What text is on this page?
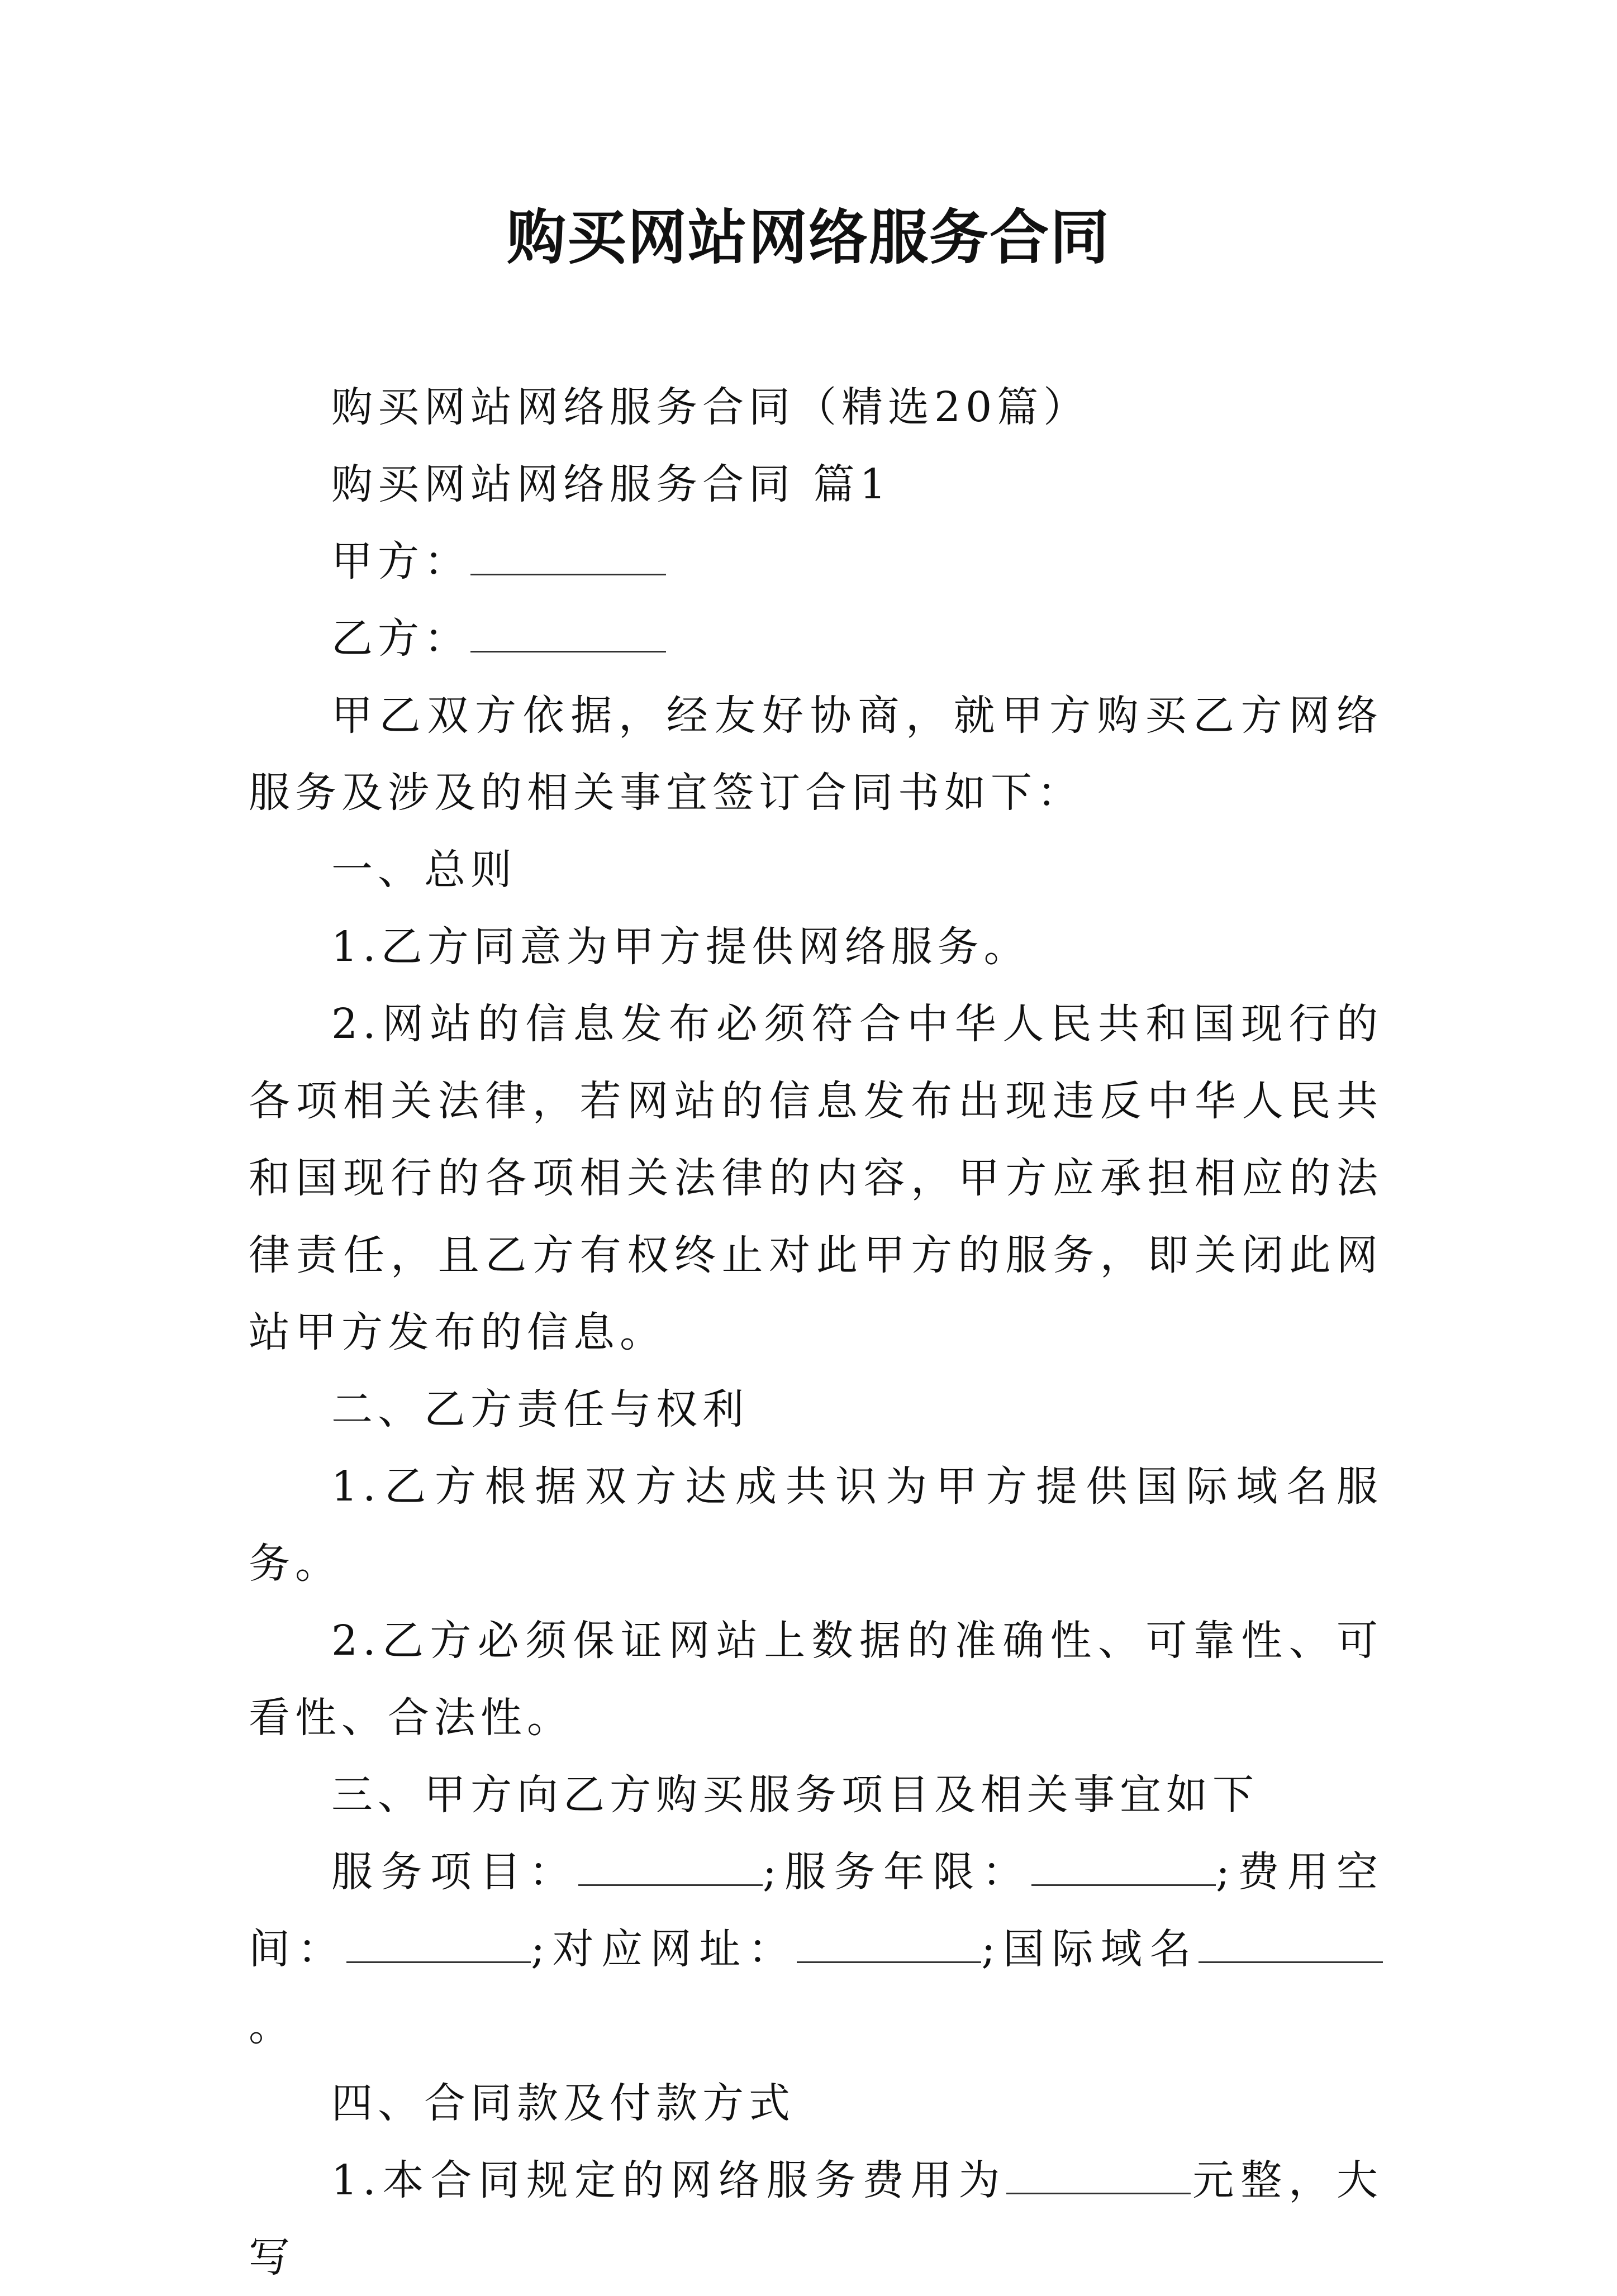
购买网站网络服务合同

购买网站网络服务合同（精选20篇）

购买网站网络服务合同 篇1

甲方：

乙方：

甲乙双方依据，经友好协商，就甲方购买乙方网络服务及涉及的相关事宜签订合同书如下：

一、总则

1.乙方同意为甲方提供网络服务。

2.网站的信息发布必须符合中华人民共和国现行的各项相关法律，若网站的信息发布出现违反中华人民共和国现行的各项相关法律的内容，甲方应承担相应的法律责任，且乙方有权终止对此甲方的服务，即关闭此网站甲方发布的信息。

二、乙方责任与权利

1.乙方根据双方达成共识为甲方提供国际域名服务。

2.乙方必须保证网站上数据的准确性、可靠性、可看性、合法性。

三、甲方向乙方购买服务项目及相关事宜如下

服务项目：	;服务年限：	;费用空间：	;对应网址：	;国际域名。

四、合同款及付款方式

1.本合同规定的网络服务费用为	元整，大写
